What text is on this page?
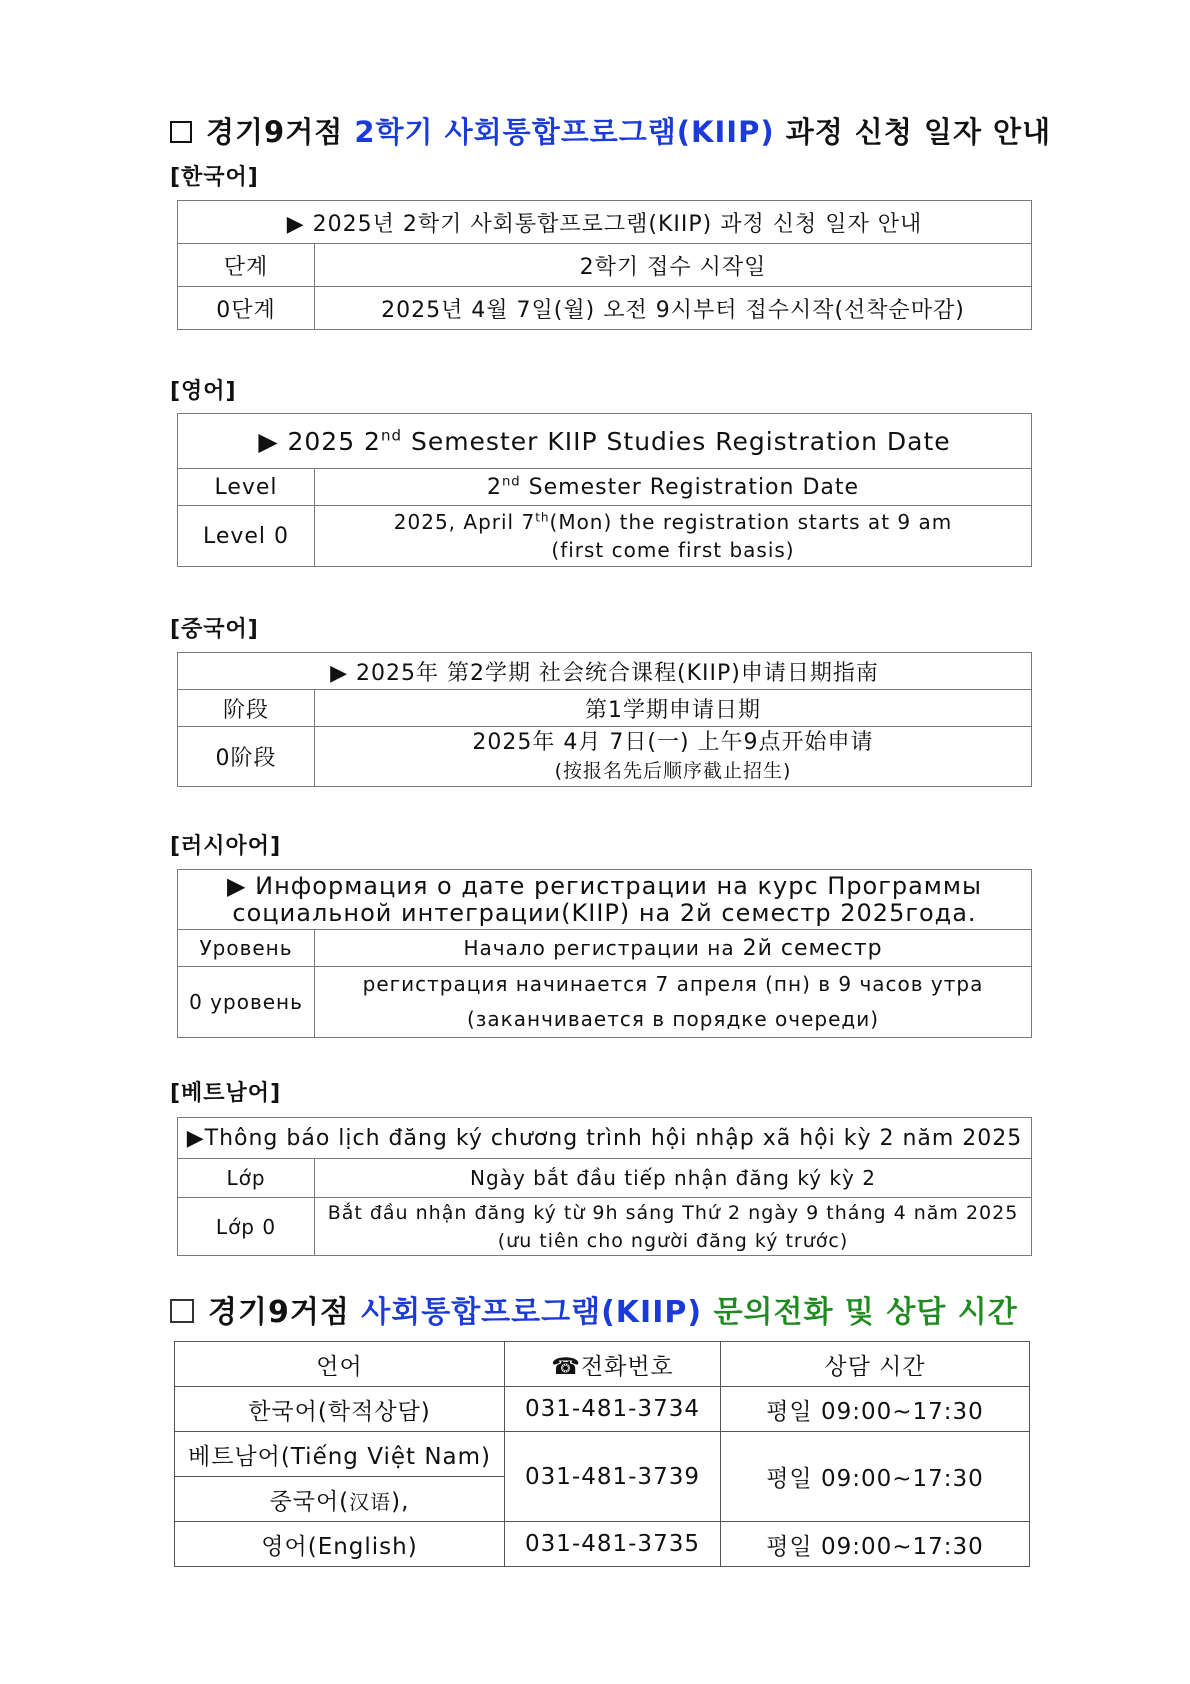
경기9거점 2학기 사회통합프로그램(KIIP) 과정 신청 일자 안내
[한국어]
▶ 2025년 2학기 사회통합프로그램(KIIP) 과정 신청 일자 안내	
단계	2학기 접수 시작일
0단계	2025년 4월 7일(월) 오전 9시부터 접수시작(선착순마감)
[영어]
▶ 2025 2nd Semester KIIP Studies Registration Date	
Level	2nd Semester Registration Date
Level 0	2025, April 7th(Mon) the registration starts at 9 am
(first come first basis)
[중국어]
▶ 2025年 第2学期 社会统合课程(KIIP)申请日期指南	
阶段	第1学期申请日期
0阶段	2025年 4月 7日(一) 上午9点开始申请
(按报名先后顺序截止招生)
[러시아어]
▶ Информация о дате регистрации на курс Программы
социальной интеграции(KIIP) на 2й семестр 2025года.	
Уровень	Начало регистрации на 2й семестр
0 уровень	регистрация начинается 7 апреля (пн) в 9 часов утра
(заканчивается в порядке очереди)
[베트남어]
▶Thông báo lịch đăng ký chương trình hội nhập xã hội kỳ 2 năm 2025	
Lớp	Ngày bắt đầu tiếp nhận đăng ký kỳ 2
Lớp 0	Bắt đầu nhận đăng ký từ 9h sáng Thứ 2 ngày 9 tháng 4 năm 2025
(ưu tiên cho người đăng ký trước)
경기9거점 사회통합프로그램(KIIP) 문의전화 및 상담 시간
언어	☎전화번호	상담 시간
한국어(학적상담)	031-481-3734	평일 09:00~17:30
베트남어(Tiếng Việt Nam)	031-481-3739	평일 09:00~17:30
중국어(汉语),		
영어(English)	031-481-3735	평일 09:00~17:30
